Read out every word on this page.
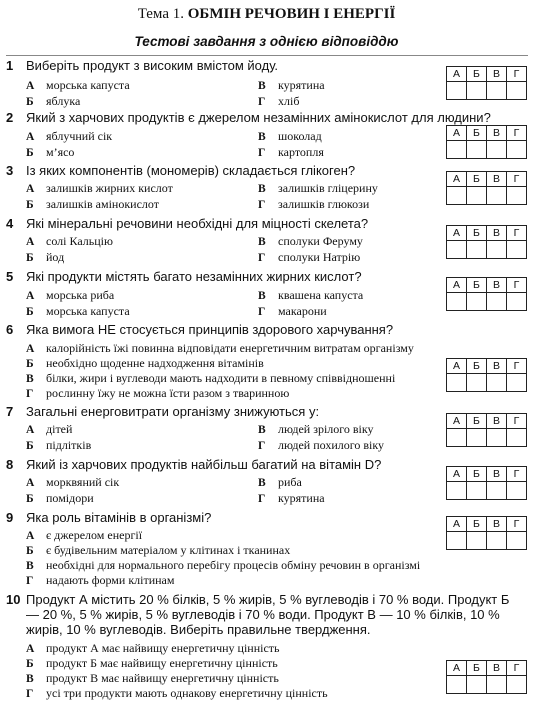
Тема 1. ОБМІН РЕЧОВИН І ЕНЕРГІЇ
Тестові завдання з однією відповіддю
1 Виберіть продукт з високим вмістом йоду.
А морська капуста
Б яблука
В курятина
Г хліб
А	Б	В	Г

2 Який з харчових продуктів є джерелом незамінних амінокислот для людини?
А яблучний сік
Б м’ясо
В шоколад
Г картопля
А	Б	В	Г

3 Із яких компонентів (мономерів) складається глікоген?
А залишків жирних кислот
Б залишків амінокислот
В залишків гліцерину
Г залишків глюкози
А	Б	В	Г

4 Які мінеральні речовини необхідні для міцності скелета?
А солі Кальцію
Б йод
В сполуки Феруму
Г сполуки Натрію
А	Б	В	Г

5 Які продукти містять багато незамінних жирних кислот?
А морська риба
Б морська капуста
В квашена капуста
Г макарони
А	Б	В	Г

6 Яка вимога НЕ стосується принципів здорового харчування?
А калорійність їжі повинна відповідати енергетичним витратам організму
Б необхідно щоденне надходження вітамінів
В білки, жири і вуглеводи мають надходити в певному співвідношенні
Г рослинну їжу не можна їсти разом з тваринною
А	Б	В	Г

7 Загальні енерговитрати організму знижуються у:
А дітей
Б підлітків
В людей зрілого віку
Г людей похилого віку
А	Б	В	Г

8 Який із харчових продуктів найбільш багатий на вітамін D?
А морквяний сік
Б помідори
В риба
Г курятина
А	Б	В	Г

9 Яка роль вітамінів в організмі?
А є джерелом енергії
Б є будівельним матеріалом у клітинах і тканинах
В необхідні для нормального перебігу процесів обміну речовин в організмі
Г надають форми клітинам
А	Б	В	Г

10 Продукт А містить 20 % білків, 5 % жирів, 5 % вуглеводів і 70 % води. Продукт Б — 20 %, 5 % жирів, 5 % вуглеводів і 70 % води. Продукт В — 10 % білків, 10 % жирів, 10 % вуглеводів. Виберіть правильне твердження.
А продукт А має найвищу енергетичну цінність
Б продукт Б має найвищу енергетичну цінність
В продукт В має найвищу енергетичну цінність
Г усі три продукти мають однакову енергетичну цінність
А	Б	В	Г
